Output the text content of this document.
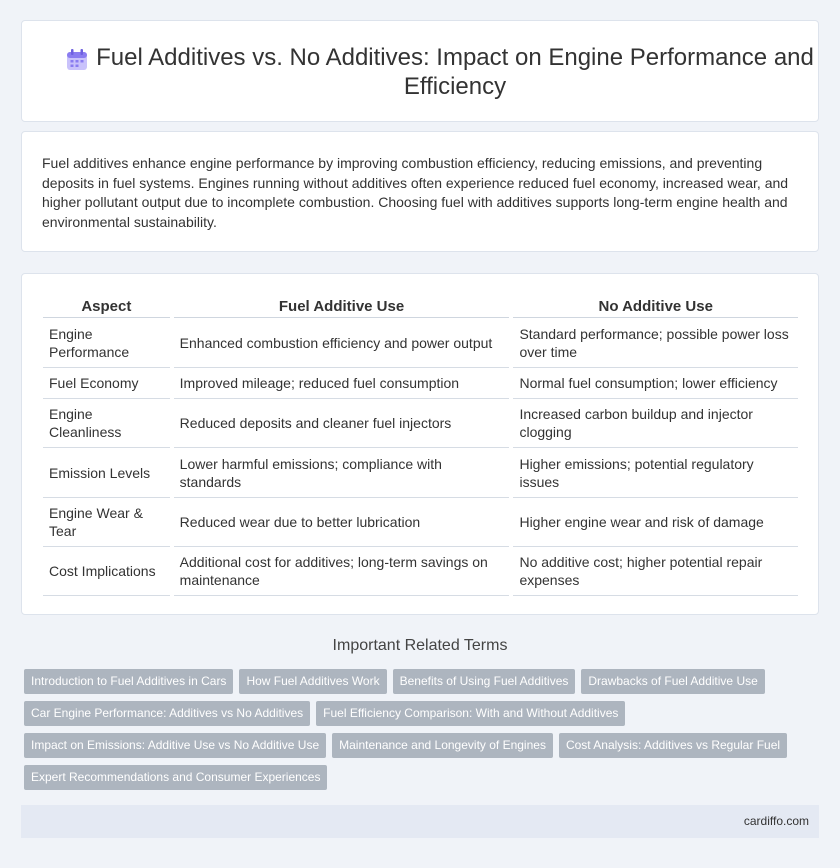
Fuel Additives vs. No Additives: Impact on Engine Performance and Efficiency

Fuel additives enhance engine performance by improving combustion efficiency, reducing emissions, and preventing deposits in fuel systems. Engines running without additives often experience reduced fuel economy, increased wear, and higher pollutant output due to incomplete combustion. Choosing fuel with additives supports long-term engine health and environmental sustainability.

Aspect		Fuel Additive Use		No Additive Use
Engine Performance		Enhanced combustion efficiency and power output		Standard performance; possible power loss over time
Fuel Economy		Improved mileage; reduced fuel consumption		Normal fuel consumption; lower efficiency
Engine Cleanliness		Reduced deposits and cleaner fuel injectors		Increased carbon buildup and injector clogging
Emission Levels		Lower harmful emissions; compliance with standards		Higher emissions; potential regulatory issues
Engine Wear & Tear		Reduced wear due to better lubrication		Higher engine wear and risk of damage
Cost Implications		Additional cost for additives; long-term savings on maintenance		No additive cost; higher potential repair expenses
Important Related Terms
Introduction to Fuel Additives in Cars How Fuel Additives Work Benefits of Using Fuel Additives Drawbacks of Fuel Additive Use
Car Engine Performance: Additives vs No Additives Fuel Efficiency Comparison: With and Without Additives
Impact on Emissions: Additive Use vs No Additive Use Maintenance and Longevity of Engines Cost Analysis: Additives vs Regular Fuel
Expert Recommendations and Consumer Experiences
cardiffo.com
